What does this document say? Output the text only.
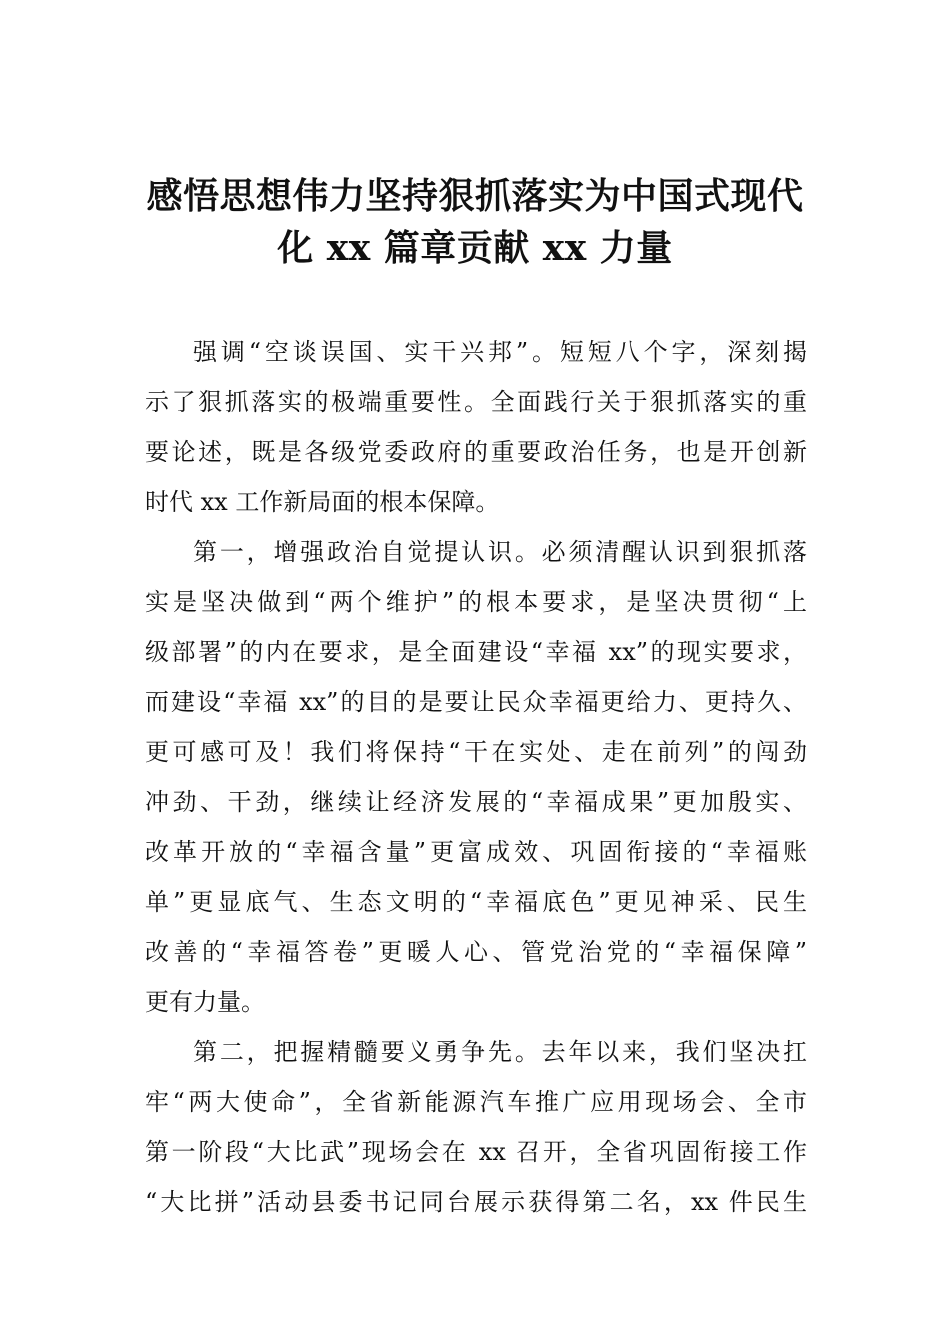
感悟思想伟力坚持狠抓落实为中国式现代
化 xx 篇章贡献 xx 力量
强调“空谈误国、实干兴邦”。短短八个字，深刻揭
示了狠抓落实的极端重要性。全面践行关于狠抓落实的重
要论述，既是各级党委政府的重要政治任务，也是开创新
时代 xx 工作新局面的根本保障。
第一，增强政治自觉提认识。必须清醒认识到狠抓落
实是坚决做到“两个维护”的根本要求，是坚决贯彻“上
级部署”的内在要求，是全面建设“幸福 xx”的现实要求，
而建设“幸福 xx”的目的是要让民众幸福更给力、更持久、
更可感可及！我们将保持“干在实处、走在前列”的闯劲
冲劲、干劲，继续让经济发展的“幸福成果”更加殷实、
改革开放的“幸福含量”更富成效、巩固衔接的“幸福账
单”更显底气、生态文明的“幸福底色”更见神采、民生
改善的“幸福答卷”更暖人心、管党治党的“幸福保障”
更有力量。
第二，把握精髓要义勇争先。去年以来，我们坚决扛
牢“两大使命”，全省新能源汽车推广应用现场会、全市
第一阶段“大比武”现场会在 xx 召开，全省巩固衔接工作
“大比拼”活动县委书记同台展示获得第二名，xx 件民生
